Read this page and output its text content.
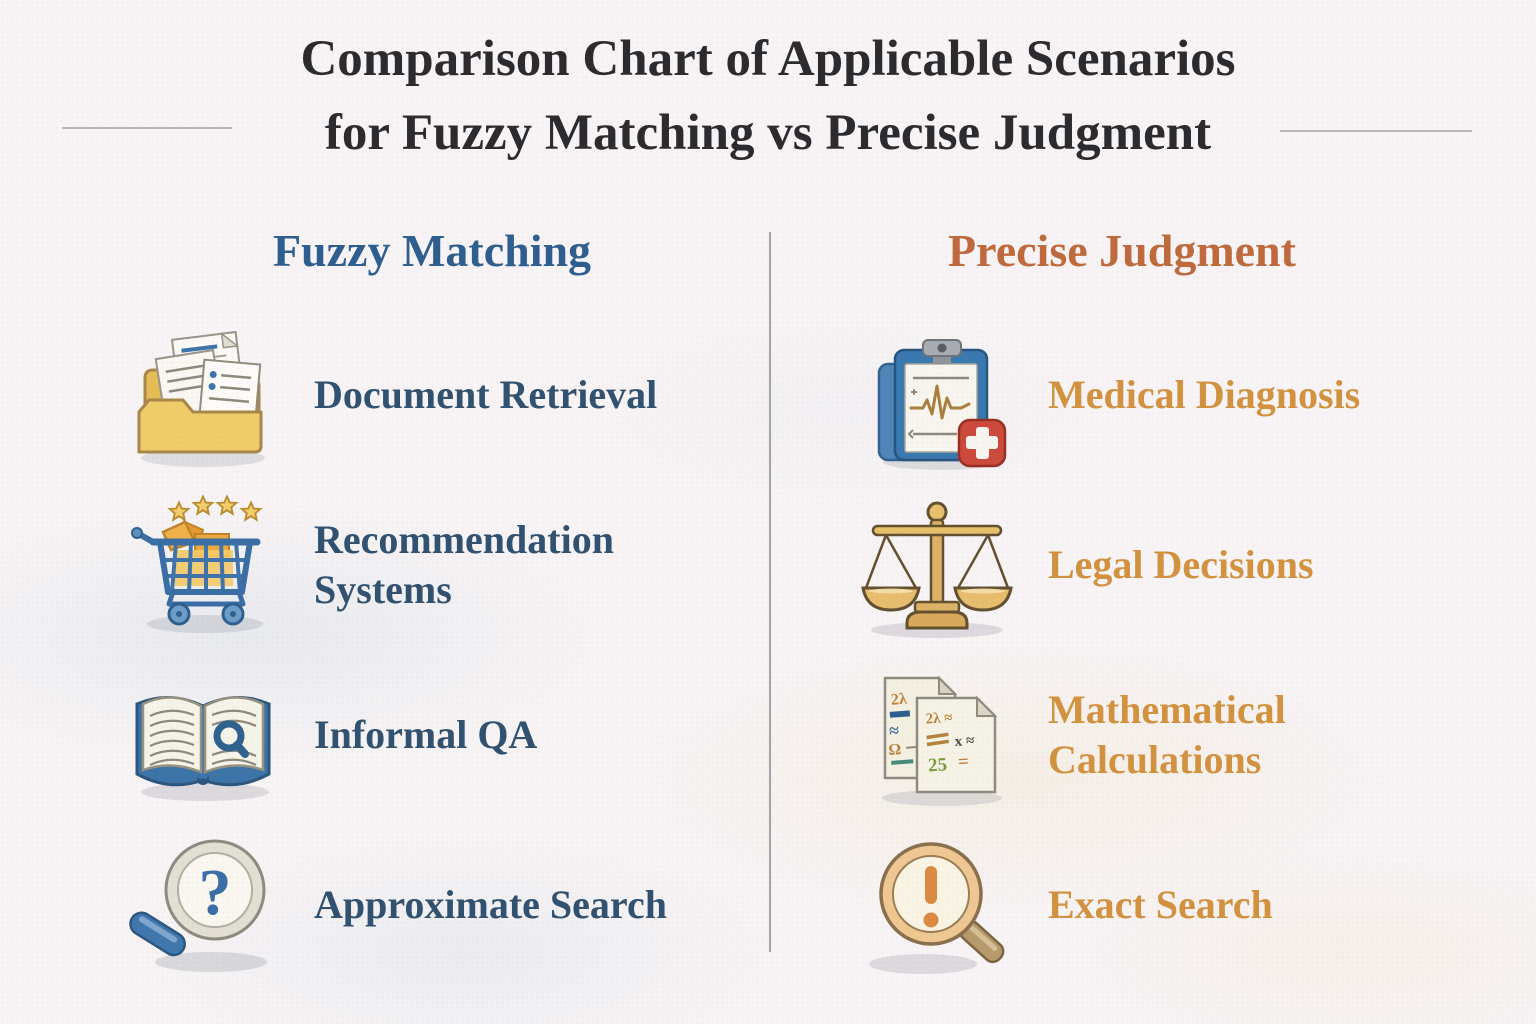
Comparison Chart of Applicable Scenarios
for Fuzzy Matching vs Precise Judgment
Fuzzy Matching
Document Retrieval
Recommendation Systems
Informal QA
? Approximate Search
Precise Judgment
Medical Diagnosis
Legal Decisions
2λ
≈
Ω
2λ ≈
x ≈
25 =
Mathematical Calculations
Exact Search
